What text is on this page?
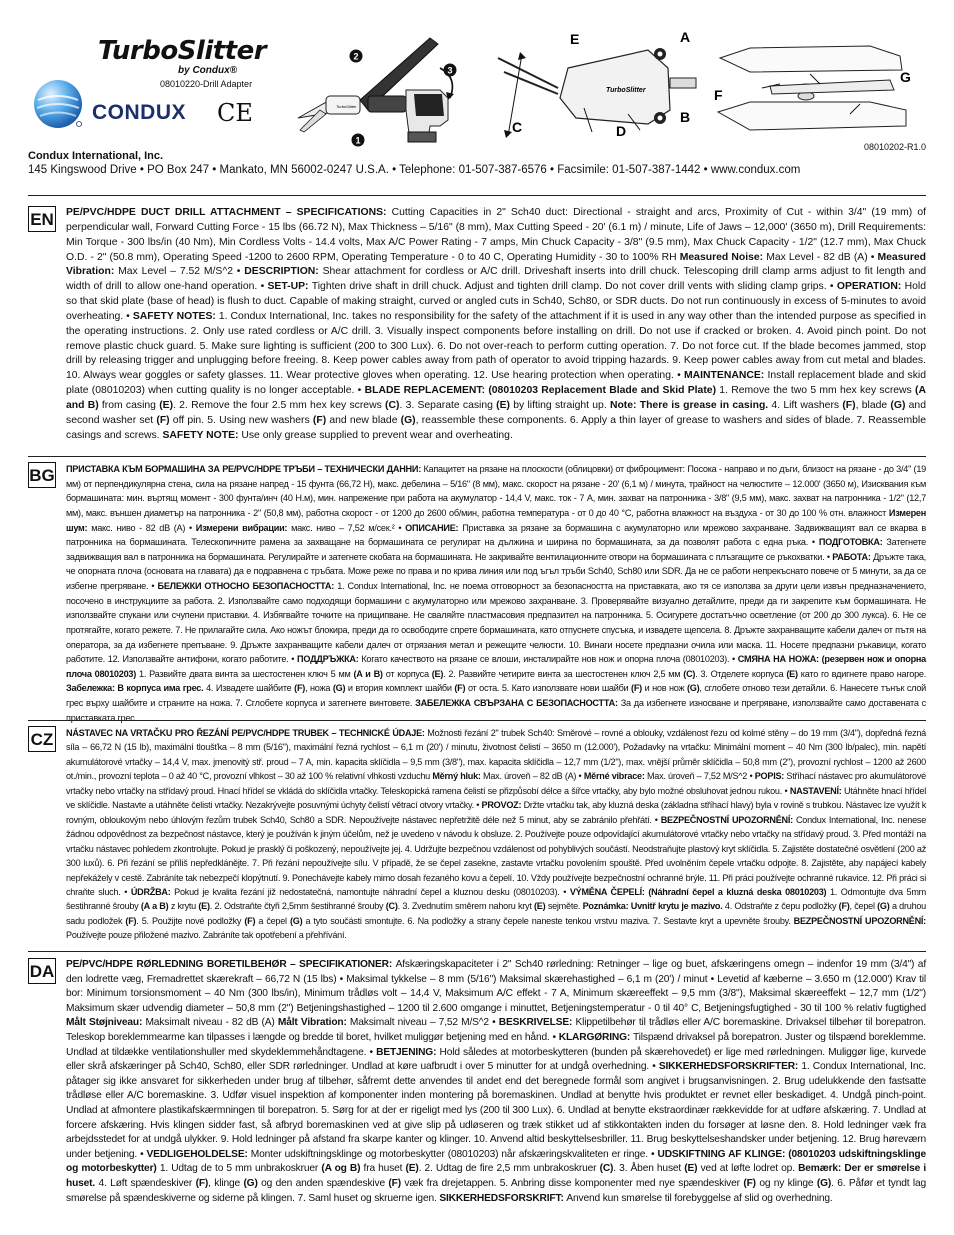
TurboSlitter
by Condux®
08010220-Drill Adapter
CONDUX CE	TurboSlitter
1
2
3
TurboSlitter
E	A
B
C	D
G
F
08010202-R1.0
Condux International, Inc.
145 Kingswood Drive • PO Box 247 • Mankato, MN 56002-0247 U.S.A. • Telephone: 01-507-387-6576 • Facsimile: 01-507-387-1442 • www.condux.com
EN PE/PVC/HDPE DUCT DRILL ATTACHMENT – SPECIFICATIONS: Cutting Capacities in 2" Sch40 duct: Directional - straight and arcs, Proximity of Cut - within 3/4" (19 mm) of perpendicular wall, Forward Cutting Force - 15 lbs (66.72 N), Max Thickness – 5/16" (8 mm), Max Cutting Speed - 20' (6.1 m) / minute, Life of Jaws – 12,000' (3650 m), Drill Requirements: Min Torque - 300 lbs/in (40 Nm), Min Cordless Volts - 14.4 volts, Max A/C Power Rating - 7 amps, Min Chuck Capacity - 3/8" (9.5 mm), Max Chuck Capacity - 1/2" (12.7 mm), Max Chuck O.D. - 2" (50.8 mm), Operating Speed -1200 to 2600 RPM, Operating Temperature - 0 to 40 C, Operating Humidity - 30 to 100% RH Measured Noise: Max Level - 82 dB (A) • Measured Vibration: Max Level – 7.52 M/S^2 • DESCRIPTION: Shear attachment for cordless or A/C drill. Driveshaft inserts into drill chuck. Telescoping drill clamp arms adjust to fit length and width of drill to allow one-hand operation. • SET-UP: Tighten drive shaft in drill chuck. Adjust and tighten drill clamp. Do not cover drill vents with sliding clamp grips. • OPERATION: Hold so that skid plate (base of head) is flush to duct. Capable of making straight, curved or angled cuts in Sch40, Sch80, or SDR ducts. Do not run continuously in excess of 5-minutes to avoid overheating. • SAFETY NOTES: 1. Condux International, Inc. takes no responsibility for the safety of the attachment if it is used in any way other than the intended purpose as specified in the operating instructions. 2. Only use rated cordless or A/C drill. 3. Visually inspect components before installing on drill. Do not use if cracked or broken. 4. Avoid pinch point. Do not remove plastic chuck guard. 5. Make sure lighting is sufficient (200 to 300 Lux). 6. Do not over-reach to perform cutting operation. 7. Do not force cut. If the blade becomes jammed, stop drill by releasing trigger and unplugging before freeing. 8. Keep power cables away from path of operator to avoid tripping hazards. 9. Keep power cables away from cut metal and blades. 10. Always wear goggles or safety glasses. 11. Wear protective gloves when operating. 12. Use hearing protection when operating. • MAINTENANCE: Install replacement blade and skid plate (08010203) when cutting quality is no longer acceptable. • BLADE REPLACEMENT: (08010203 Replacement Blade and Skid Plate) 1. Remove the two 5 mm hex key screws (A and B) from casing (E). 2. Remove the four 2.5 mm hex key screws (C). 3. Separate casing (E) by lifting straight up. Note: There is grease in casing. 4. Lift washers (F), blade (G) and second washer set (F) off pin. 5. Using new washers (F) and new blade (G), reassemble these components. 6. Apply a thin layer of grease to washers and sides of blade. 7. Reassemble casings and screws. SAFETY NOTE: Use only grease supplied to prevent wear and overheating.
BG ПРИСТАВКА КЪМ БОРМАШИНА ЗА PE/PVC/HDPE ТРЪБИ – ТЕХНИЧЕСКИ ДАННИ: Капацитет на рязане на плоскости (облицовки) от фиброцимент: Посока - направо и по дъги, близост на рязане - до 3/4" (19 мм) от перпендикулярна стена, сила на рязане напред - 15 фунта (66,72 Н), макс. дебелина – 5/16" (8 мм), макс. скорост на рязане - 20' (6,1 м) / минута, трайност на челюстите – 12.000' (3650 м), Изисквания към бормашината: мин. въртящ момент - 300 фунта/инч (40 Н.м), мин. напрежение при работа на акумулатор - 14,4 V, макс. ток - 7 A, мин. захват на патронника - 3/8" (9,5 мм), макс. захват на патронника - 1/2" (12,7 мм), макс. външен диаметър на патронника - 2" (50,8 мм), работна скорост - от 1200 до 2600 об/мин, работна температура - от 0 до 40 °C, работна влажност на въздуха - от 30 до 100 % отн. влажност Измерен шум: макс. ниво - 82 dB (A) • Измерени вибрации: макс. ниво – 7,52 м/сек.² • ОПИСАНИЕ: Приставка за рязане за бормашина с акумулаторно или мрежово захранване. Задвижващият вал се вкарва в патронника на бормашината. Телескопичните рамена за захващане на бормашината се регулират на дължина и ширина по бормашината, за да позволят работа с една ръка. • ПОДГОТОВКА: Затегнете задвижващия вал в патронника на бормашината. Регулирайте и затегнете скобата на бормашината. Не закривайте вентилационните отвори на бормашината с плъзгащите се ръкохватки. • РАБОТА: Дръжте така, че опорната плоча (основата на главата) да е подравнена с тръбата. Може реже по права и по крива линия или под ъгъл тръби Sch40, Sch80 или SDR. Да не се работи непрекъснато повече от 5 минути, за да се избегне прегряване. • БЕЛЕЖКИ ОТНОСНО БЕЗОПАСНОСТТА: 1. Condux International, Inc. не поема отговорност за безопасността на приставката, ако тя се използва за други цели извън предназначението, посочено в инструкциите за работа. 2. Използвайте само подходящи бормашини с акумулаторно или мрежово захранване. 3. Проверявайте визуално детайлите, преди да ги закрепите към бормашината. Не използвайте спукани или счупени приставки. 4. Избягвайте точките на прищипване. Не сваляйте пластмасовия предпазител на патронника. 5. Осигурете достатъчно осветление (от 200 до 300 лукса). 6. Не се протягайте, когато режете. 7. Не прилагайте сила. Ако ножът блокира, преди да го освободите спрете бормашината, като отпуснете спусъка, и извадете щепсела. 8. Дръжте захранващите кабели далеч от пътя на оператора, за да избегнете препъване. 9. Дръжте захранващите кабели далеч от отрязания метал и режещите челюсти. 10. Винаги носете предпазни очила или маска. 11. Носете предпазни ръкавици, когато работите. 12. Използвайте антифони, когато работите. • ПОДДРЪЖКА: Когато качеството на рязане се влоши, инсталирайте нов нож и опорна плоча (08010203). • СМЯНА НА НОЖА: (резервен нож и опорна плоча 08010203) 1. Развийте двата винта за шестостенен ключ 5 мм (A и B) от корпуса (E). 2. Развийте четирите винта за шестостенен ключ 2,5 мм (C). 3. Отделете корпуса (E) като го вдигнете право нагоре. Забележка: В корпуса има грес. 4. Извадете шайбите (F), ножа (G) и втория комплект шайби (F) от оста. 5. Като използвате нови шайби (F) и нов нож (G), сглобете отново тези детайли. 6. Нанесете тънък слой грес върху шайбите и страните на ножа. 7. Сглобете корпуса и затегнете винтовете. ЗАБЕЛЕЖКА СВЪРЗАНА С БЕЗОПАСНОСТТА: За да избегнете износване и прегряване, използвайте само доставената с приставката грес.
CZ NÁSTAVEC NA VRTAČKU PRO ŘEZÁNÍ PE/PVC/HDPE TRUBEK – TECHNICKÉ ÚDAJE: Možnosti řezání 2" trubek Sch40: Směrové – rovné a oblouky, vzdálenost řezu od kolmé stěny – do 19 mm (3/4"), dopředná řezná síla – 66,72 N (15 lb), maximální tloušťka – 8 mm (5/16"), maximální řezná rychlost – 6,1 m (20') / minutu, životnost čelistí – 3650 m (12.000'), Požadavky na vrtačku: Minimální moment – 40 Nm (300 lb/palec), min. napětí akumulátorové vrtačky – 14,4 V, max. jmenovitý stř. proud – 7 A, min. kapacita sklíčidla – 9,5 mm (3/8"), max. kapacita sklíčidla – 12,7 mm (1/2"), max. vnější průměr sklíčidla – 50,8 mm (2"), provozní rychlost – 1200 až 2600 ot./min., provozní teplota – 0 až 40 °C, provozní vlhkost – 30 až 100 % relativní vlhkosti vzduchu Měrný hluk: Max. úroveň – 82 dB (A) • Měrné vibrace: Max. úroveň – 7,52 M/S^2 • POPIS: Stříhací nástavec pro akumulátorové vrtačky nebo vrtačky na střídavý proud. Hnací hřídel se vkládá do sklíčidla vrtačky. Teleskopická ramena čelistí se přizpůsobí délce a šířce vrtačky, aby bylo možné obsluhovat jednou rukou. • NASTAVENÍ: Utáhněte hnací hřídel ve sklíčidle. Nastavte a utáhněte čelisti vrtačky. Nezakrývejte posuvnými úchyty čelistí větrací otvory vrtačky. • PROVOZ: Držte vrtačku tak, aby kluzná deska (základna stříhací hlavy) byla v rovině s trubkou. Nástavec lze využít k rovným, obloukovým nebo úhlovým řezům trubek Sch40, Sch80 a SDR. Nepoužívejte nástavec nepřetržitě déle než 5 minut, aby se zabránilo přehřátí. • BEZPEČNOSTNÍ UPOZORNĚNÍ: Condux International, Inc. nenese žádnou odpovědnost za bezpečnost nástavce, který je používán k jiným účelům, než je uvedeno v návodu k obsluze. 2. Používejte pouze odpovídající akumulátorové vrtačky nebo vrtačky na střídavý proud. 3. Před montáží na vrtačku nástavec pohledem zkontrolujte. Pokud je prasklý či poškozený, nepoužívejte jej. 4. Udržujte bezpečnou vzdálenost od pohyblivých součástí. Neodstraňujte plastový kryt sklíčidla. 5. Zajistěte dostatečné osvětlení (200 až 300 luxů). 6. Při řezání se příliš nepředklánějte. 7. Při řezání nepoužívejte sílu. V případě, že se čepel zasekne, zastavte vrtačku povolením spouště. Před uvolněním čepele vrtačku odpojte. 8. Zajistěte, aby napájecí kabely nepřekážely v cestě. Zabráníte tak nebezpečí klopýtnutí. 9. Ponechávejte kabely mimo dosah řezaného kovu a čepelí. 10. Vždy používejte bezpečnostní ochranné brýle. 11. Při práci používejte ochranné rukavice. 12. Při práci si chraňte sluch. • ÚDRŽBA: Pokud je kvalita řezání již nedostatečná, namontujte náhradní čepel a kluznou desku (08010203). • VÝMĚNA ČEPELÍ: (Náhradní čepel a kluzná deska 08010203) 1. Odmontujte dva 5mm šestihranné šrouby (A a B) z krytu (E). 2. Odstraňte čtyři 2,5mm šestihranné šrouby (C). 3. Zvednutím směrem nahoru kryt (E) sejměte. Poznámka: Uvnitř krytu je mazivo. 4. Odstraňte z čepu podložky (F), čepel (G) a druhou sadu podložek (F). 5. Použijte nové podložky (F) a čepel (G) a tyto součásti smontujte. 6. Na podložky a strany čepele naneste tenkou vrstvu maziva. 7. Sestavte kryt a upevněte šrouby. BEZPEČNOSTNÍ UPOZORNĚNÍ: Používejte pouze přiložené mazivo. Zabráníte tak opotřebení a přehřívání.
DA PE/PVC/HDPE RØRLEDNING BORETILBEHØR – SPECIFIKATIONER: Afskæringskapaciteter i 2" Sch40 rørledning: Retninger – lige og buet, afskæringens omegn – indenfor 19 mm (3/4") af den lodrette væg, Fremadrettet skærekraft – 66,72 N (15 lbs) • Maksimal tykkelse – 8 mm (5/16") Maksimal skærehastighed – 6,1 m (20') / minut • Levetid af kæberne – 3.650 m (12.000') Krav til bor: Minimum torsionsmoment – 40 Nm (300 lbs/in), Minimum trådløs volt – 14,4 V, Maksimum A/C effekt - 7 A, Minimum skæreeffekt – 9,5 mm (3/8"), Maksimal skæreeffekt – 12,7 mm (1/2") Maksimum skær udvendig diameter – 50,8 mm (2") Betjeningshastighed – 1200 til 2.600 omgange i minuttet, Betjeningstemperatur - 0 til 40° C, Betjeningsfugtighed - 30 til 100 % relativ fugtighed Målt Støjniveau: Maksimalt niveau - 82 dB (A) Målt Vibration: Maksimalt niveau – 7,52 M/S^2 • BESKRIVELSE: Klippetilbehør til trådløs eller A/C boremaskine. Drivaksel tilbehør til borepatron. Teleskop boreklemmearme kan tilpasses i længde og bredde til boret, hvilket muliggør betjening med en hånd. • KLARGØRING: Tilspænd drivaksel på borepatron. Juster og tilspænd boreklemme. Undlad at tildække ventilationshuller med skydeklemmehåndtagene. • BETJENING: Hold således at motorbeskytteren (bunden på skærehovedet) er lige med rørledningen. Muliggør lige, kurvede eller skrå afskæringer på Sch40, Sch80, eller SDR rørledninger. Undlad at køre uafbrudt i over 5 minutter for at undgå overhedning. • SIKKERHEDSFORSKRIFTER: 1. Condux International, Inc. påtager sig ikke ansvaret for sikkerheden under brug af tilbehør, såfremt dette anvendes til andet end det beregnede formål som angivet i brugsanvisningen. 2. Brug udelukkende den fastsatte trådløse eller A/C boremaskine. 3. Udfør visuel inspektion af komponenter inden montering på boremaskinen. Undlad at benytte hvis produktet er revnet eller beskadiget. 4. Undgå pinch-point. Undlad at afmontere plastikafskærmningen til borepatron. 5. Sørg for at der er rigeligt med lys (200 til 300 Lux). 6. Undlad at benytte ekstraordinær rækkevidde for at udføre afskæring. 7. Undlad at forcere afskæring. Hvis klingen sidder fast, så afbryd boremaskinen ved at give slip på udløseren og træk stikket ud af stikkontakten inden du forsøger at løsne den. 8. Hold ledninger væk fra arbejdsstedet for at undgå ulykker. 9. Hold ledninger på afstand fra skarpe kanter og klinger. 10. Anvend altid beskyttelsesbriller. 11. Brug beskyttelseshandsker under betjening. 12. Brug høreværn under betjening. • VEDLIGEHOLDELSE: Monter udskiftningsklinge og motorbeskytter (08010203) når afskæringskvaliteten er ringe. • UDSKIFTNING AF KLINGE: (08010203 udskiftningsklinge og motorbeskytter) 1. Udtag de to 5 mm unbrakoskruer (A og B) fra huset (E). 2. Udtag de fire 2,5 mm unbrakoskruer (C). 3. Åben huset (E) ved at løfte lodret op. Bemærk: Der er smørelse i huset. 4. Løft spændeskiver (F), klinge (G) og den anden spændeskive (F) væk fra drejetappen. 5. Anbring disse komponenter med nye spændeskiver (F) og ny klinge (G). 6. Påfør et tyndt lag smørelse på spændeskiverne og siderne på klingen. 7. Saml huset og skruerne igen. SIKKERHEDSFORSKRIFT: Anvend kun smørelse til forebyggelse af slid og overhedning.
